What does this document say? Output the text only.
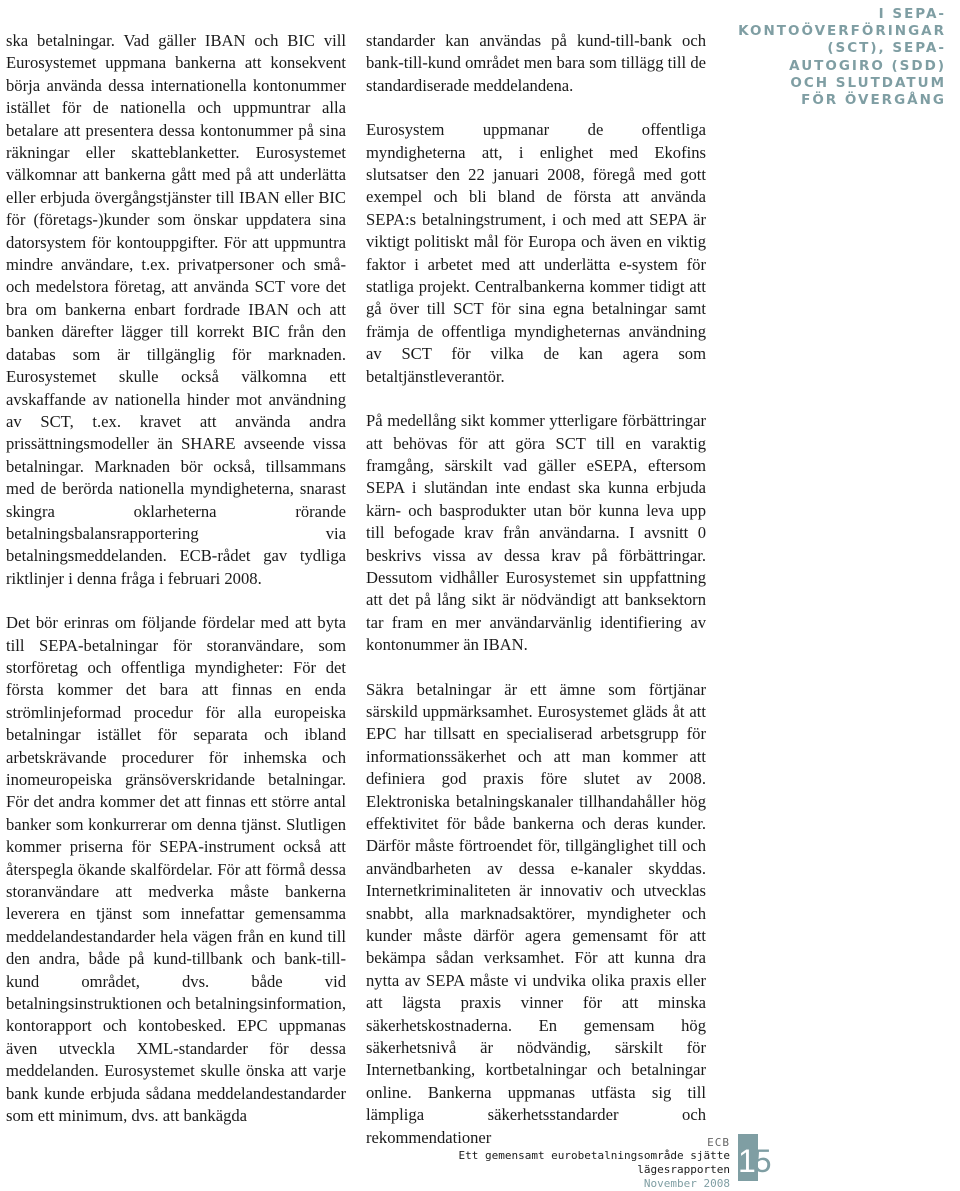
I SEPA-
KONTOÖVERFÖRINGAR
(SCT), SEPA-
AUTOGIRO (SDD)
OCH SLUTDATUM
FÖR ÖVERGÅNG

ska betalningar. Vad gäller IBAN och BIC vill Eurosystemet uppmana bankerna att konsekvent börja använda dessa internationella kontonummer istället för de nationella och uppmuntrar alla betalare att presentera dessa kontonummer på sina räkningar eller skatteblanketter. Eurosystemet välkomnar att bankerna gått med på att underlätta eller erbjuda övergångstjänster till IBAN eller BIC för (företags-)kunder som önskar uppdatera sina datorsystem för kontouppgifter. För att uppmuntra mindre användare, t.ex. privatpersoner och små- och medelstora företag, att använda SCT vore det bra om bankerna enbart fordrade IBAN och att banken därefter lägger till korrekt BIC från den databas som är tillgänglig för marknaden. Eurosystemet skulle också välkomna ett avskaffande av nationella hinder mot användning av SCT, t.ex. kravet att använda andra prissättningsmodeller än SHARE avseende vissa betalningar. Marknaden bör också, tillsammans med de berörda nationella myndigheterna, snarast skingra oklarheterna rörande betalningsbalansrapportering via betalningsmeddelanden. ECB-rådet gav tydliga riktlinjer i denna fråga i februari 2008.

Det bör erinras om följande fördelar med att byta till SEPA-betalningar för storanvändare, som storföretag och offentliga myndigheter: För det första kommer det bara att finnas en enda strömlinjeformad procedur för alla europeiska betalningar istället för separata och ibland arbetskrävande procedurer för inhemska och inomeuropeiska gränsöverskridande betalningar. För det andra kommer det att finnas ett större antal banker som konkurrerar om denna tjänst. Slutligen kommer priserna för SEPA-instrument också att återspegla ökande skalfördelar. För att förmå dessa storanvändare att medverka måste bankerna leverera en tjänst som innefattar gemensamma meddelandestandarder hela vägen från en kund till den andra, både på kund-tillbank och bank-till-kund området, dvs. både vid betalningsinstruktionen och betalningsinformation, kontorapport och kontobesked. EPC uppmanas även utveckla XML-standarder för dessa meddelanden. Eurosystemet skulle önska att varje bank kunde erbjuda sådana meddelandestandarder som ett minimum, dvs. att bankägda

standarder kan användas på kund-till-bank och bank-till-kund området men bara som tillägg till de standardiserade meddelandena.

Eurosystem uppmanar de offentliga myndigheterna att, i enlighet med Ekofins slutsatser den 22 januari 2008, föregå med gott exempel och bli bland de första att använda SEPA:s betalningstrument, i och med att SEPA är viktigt politiskt mål för Europa och även en viktig faktor i arbetet med att underlätta e-system för statliga projekt. Centralbankerna kommer tidigt att gå över till SCT för sina egna betalningar samt främja de offentliga myndigheternas användning av SCT för vilka de kan agera som betaltjänstleverantör.

På medellång sikt kommer ytterligare förbättringar att behövas för att göra SCT till en varaktig framgång, särskilt vad gäller eSEPA, eftersom SEPA i slutändan inte endast ska kunna erbjuda kärn- och basprodukter utan bör kunna leva upp till befogade krav från användarna. I avsnitt 0 beskrivs vissa av dessa krav på förbättringar. Dessutom vidhåller Eurosystemet sin uppfattning att det på lång sikt är nödvändigt att banksektorn tar fram en mer användarvänlig identifiering av kontonummer än IBAN.

Säkra betalningar är ett ämne som förtjänar särskild uppmärksamhet. Eurosystemet gläds åt att EPC har tillsatt en specialiserad arbetsgrupp för informationssäkerhet och att man kommer att definiera god praxis före slutet av 2008. Elektroniska betalningskanaler tillhandahåller hög effektivitet för både bankerna och deras kunder. Därför måste förtroendet för, tillgänglighet till och användbarheten av dessa e-kanaler skyddas. Internetkriminaliteten är innovativ och utvecklas snabbt, alla marknadsaktörer, myndigheter och kunder måste därför agera gemensamt för att bekämpa sådan verksamhet. För att kunna dra nytta av SEPA måste vi undvika olika praxis eller att lägsta praxis vinner för att minska säkerhetskostnaderna. En gemensam hög säkerhetsnivå är nödvändig, särskilt för Internetbanking, kortbetalningar och betalningar online. Bankerna uppmanas utfästa sig till lämpliga säkerhetsstandarder och rekommendationer	ECB
Ett gemensamt eurobetalningsområde sjätte lägesrapporten
November 2008
15
